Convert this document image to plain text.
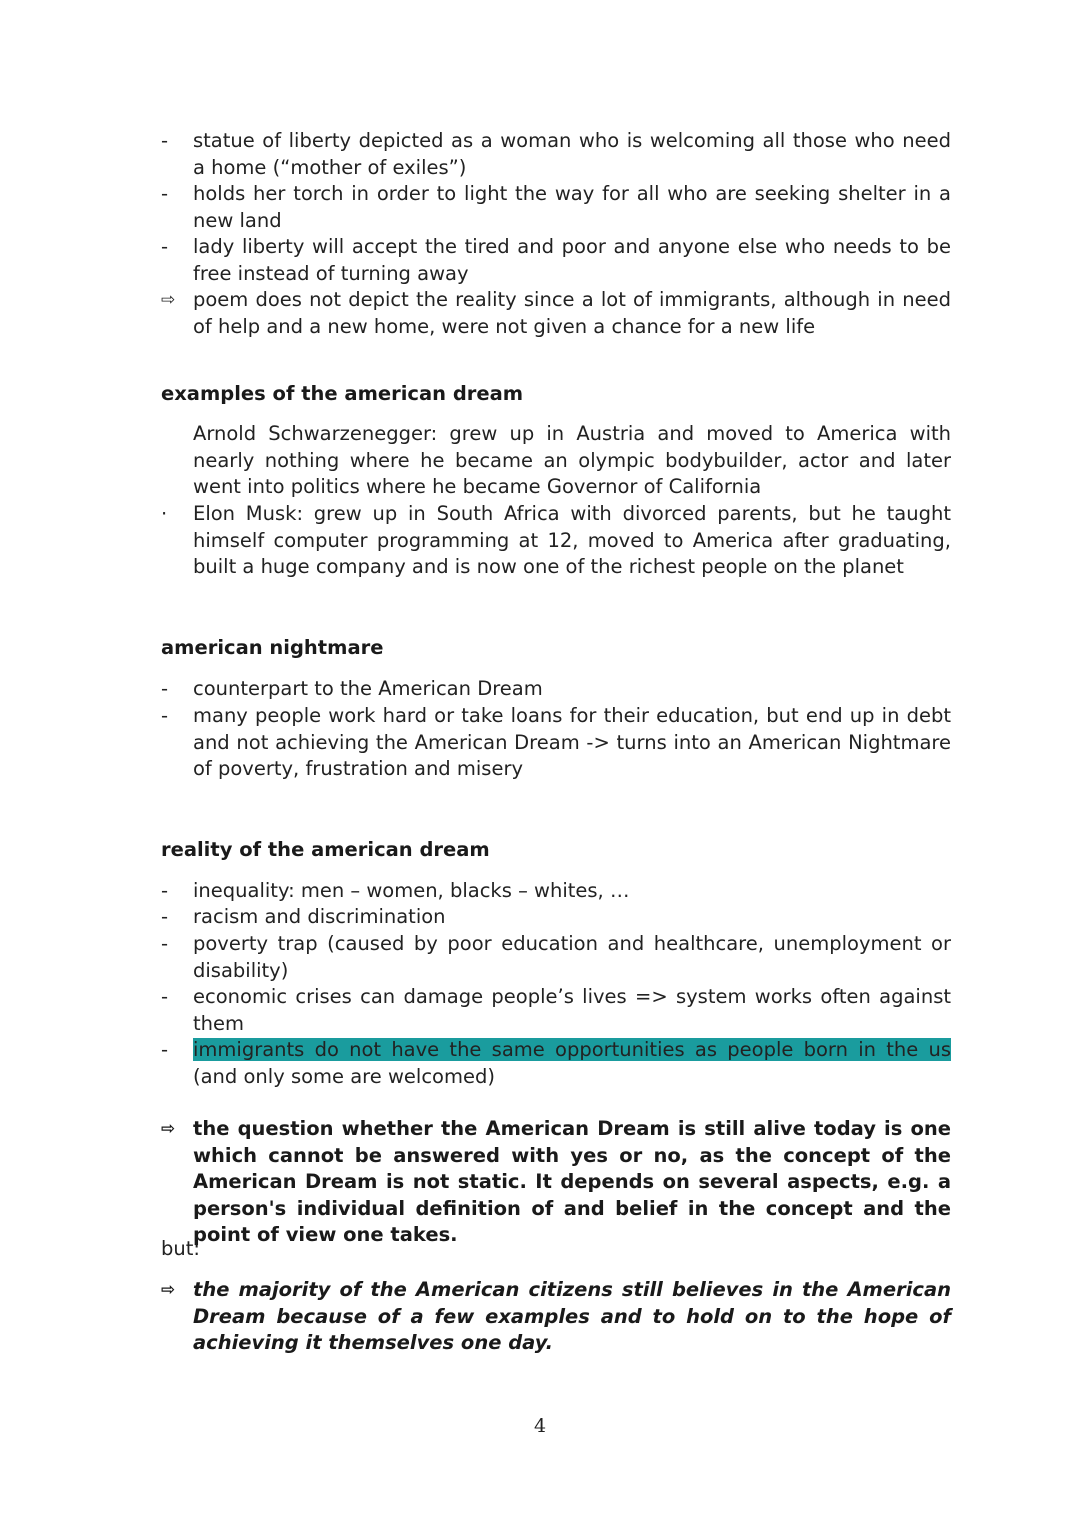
-	statue of liberty depicted as a woman who is welcoming all those who need a home (“mother of exiles”)
-	holds her torch in order to light the way for all who are seeking shelter in a new land
-	lady liberty will accept the tired and poor and anyone else who needs to be free instead of turning away
⇨ poem does not depict the reality since a lot of immigrants, although in need of help and a new home, were not given a chance for a new life
examples of the american dream
Arnold Schwarzenegger: grew up in Austria and moved to America with nearly nothing where he became an olympic bodybuilder, actor and later went into politics where he became Governor of California
·	Elon Musk: grew up in South Africa with divorced parents, but he taught himself computer programming at 12, moved to America after graduating, built a huge company and is now one of the richest people on the planet
american nightmare
-	counterpart to the American Dream
-	many people work hard or take loans for their education, but end up in debt and not achieving the American Dream -> turns into an American Nightmare of poverty, frustration and misery
reality of the american dream
-	inequality: men – women, blacks – whites, …
-	racism and discrimination
-	poverty trap (caused by poor education and healthcare, unemployment or disability)
-	economic crises can damage people’s lives => system works often against them
-	immigrants do not have the same opportunities as people born in the us (and only some are welcomed)
⇨ the question whether the American Dream is still alive today is one which cannot be answered with yes or no, as the concept of the American Dream is not static. It depends on several aspects, e.g. a person's individual definition of and belief in the concept and the point of view one takes.
but:
⇨ the majority of the American citizens still believes in the American Dream because of a few examples and to hold on to the hope of achieving it themselves one day.
4
